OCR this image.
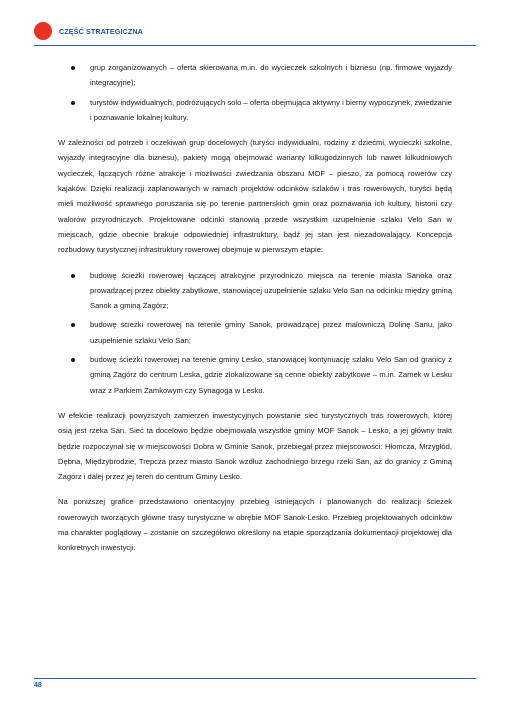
CZĘŚĆ STRATEGICZNA
grup zorganizowanych – oferta skierowana m.in. do wycieczek szkolnych i biznesu (np. firmowe wyjazdy integracyjne);
turystów indywidualnych, podróżujących solo – oferta obejmująca aktywny i bierny wypoczynek, zwiedzanie i poznawanie lokalnej kultury.

W zależności od potrzeb i oczekiwań grup docelowych (turyści indywidualni, rodziny z dziećmi, wycieczki szkolne, wyjazdy integracyjne dla biznesu), pakiety mogą obejmować warianty kilkugodzinnych lub nawet kilkudniowych wycieczek, łączących różne atrakcje i możliwości zwiedzania obszaru MOF – pieszo, za pomocą rowerów czy kajaków. Dzięki realizacji zaplanowanych w ramach projektów odcinków szlaków i tras rowerowych, turyści będą mieli możliwość sprawnego poruszania się po terenie partnerskich gmin oraz poznawania ich kultury, historii czy walorów przyrodniczych. Projektowane odcinki stanowią przede wszystkim uzupełnienie szlaku Velo San w miejscach, gdzie obecnie brakuje odpowiedniej infrastruktury, bądź jej stan jest niezadowalający. Koncepcja rozbudowy turystycznej infrastruktury rowerowej obejmuje w pierwszym etapie:

budowę ścieżki rowerowej łączącej atrakcyjne przyrodniczo miejsca na terenie miasta Sanoka oraz prowadzącej przez obiekty zabytkowe, stanowiącej uzupełnienie szlaku Velo San na odcinku między gminą Sanok a gminą Zagórz;
budowę ścieżki rowerowej na terenie gminy Sanok, prowadzącej przez malowniczą Dolinę Sanu, jako uzupełnienie szlaku Velo San;
budowę ścieżki rowerowej na terenie gminy Lesko, stanowiącej kontynuację szlaku Velo San od granicy z gminą Zagórz do centrum Leska, gdzie zlokalizowane są cenne obiekty zabytkowe – m.in. Zamek w Lesku wraz z Parkiem Zamkowym czy Synagoga w Lesku.

W efekcie realizacji powyższych zamierzeń inwestycyjnych powstanie sieć turystycznych tras rowerowych, której osią jest rzeka San. Sieć ta docelowo będzie obejmowała wszystkie gminy MOF Sanok – Lesko, a jej główny trakt będzie rozpoczynał się w miejscowości Dobra w Gminie Sanok, przebiegał przez miejscowości: Hłomcza, Mrzygłód, Dębna, Międzybrodzie, Trepcza przez miasto Sanok wzdłuż zachodniego brzegu rzeki San, aż do granicy z Gminą Zagórz i dalej przez jej teren do centrum Gminy Lesko.

Na poniższej grafice przedstawiono orientacyjny przebieg istniejących i planowanych do realizacji ścieżek rowerowych tworzących główne trasy turystyczne w obrębie MOF Sanok-Lesko. Przebieg projektowanych odcinków ma charakter poglądowy – zostanie on szczegółowo określony na etapie sporządzania dokumentacji projektowej dla konkretnych inwestycji.

48
